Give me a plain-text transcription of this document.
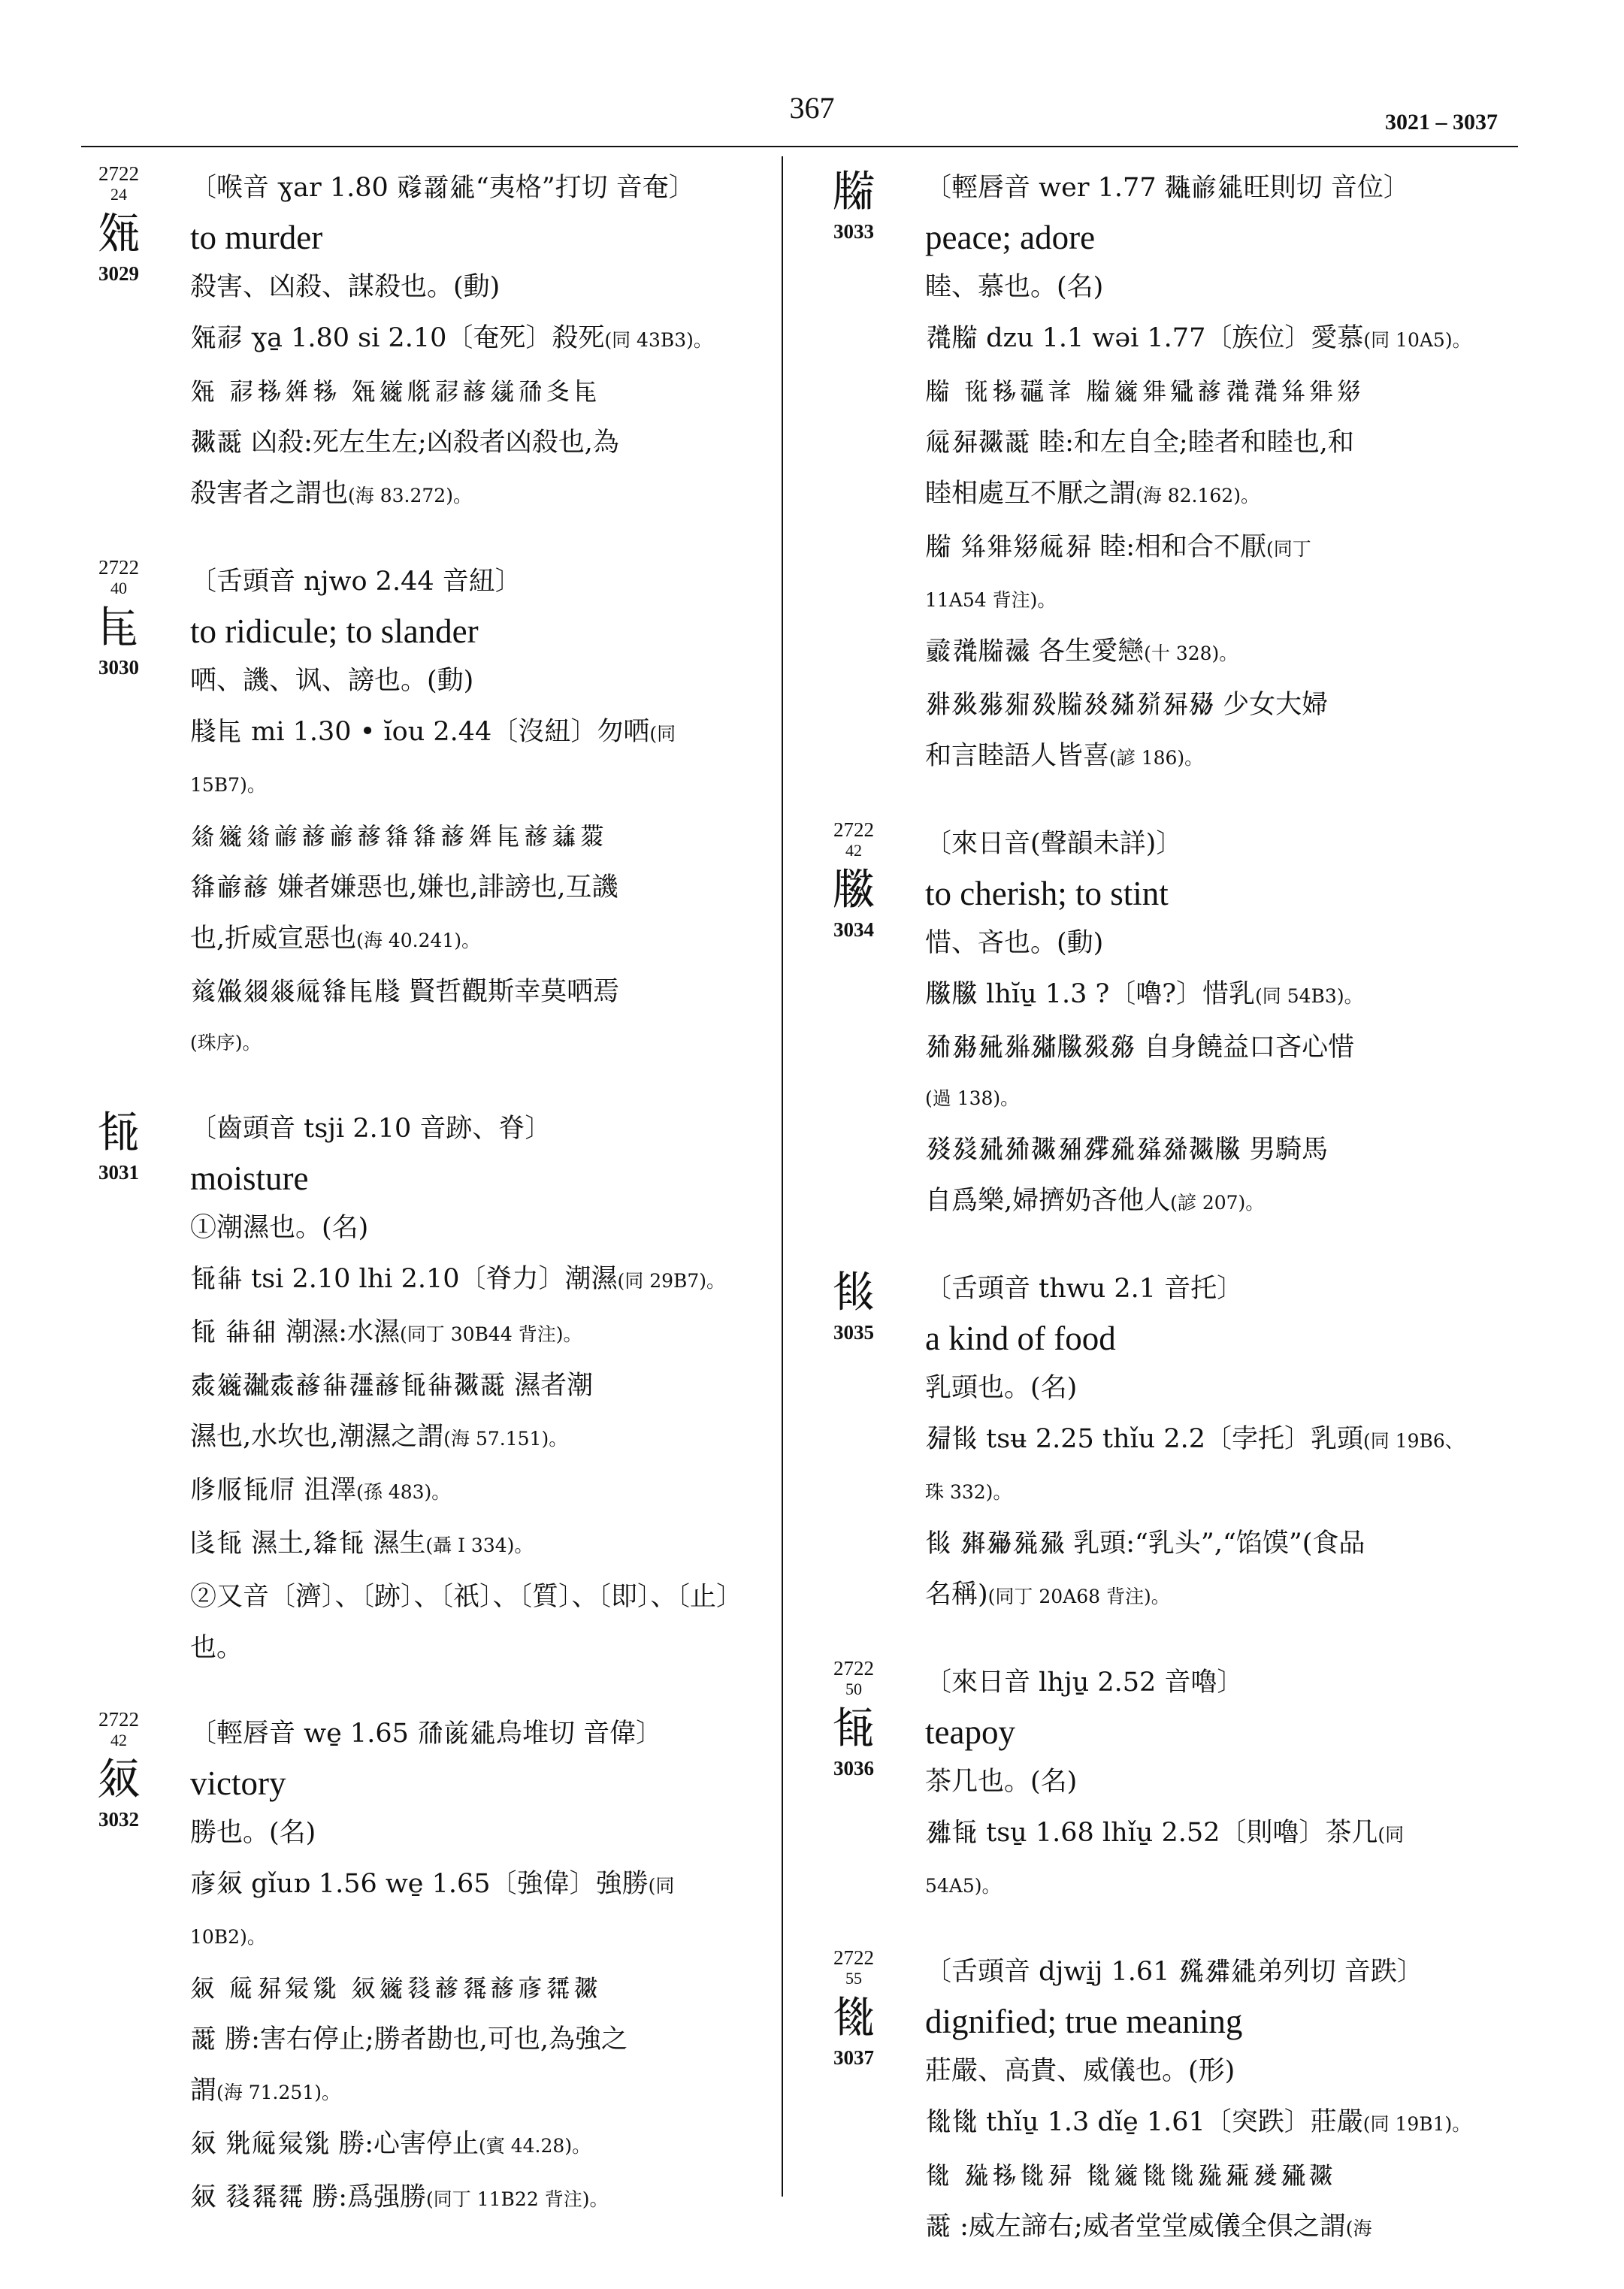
367	3021 – 3037
2722
24
𗼷
3029
〔喉音 ɣar 1.80 𗠠𗵆𗧓“夷格”打切 音奄〕
to murder
殺害、凶殺、謀殺也。(動)
𗼷𗹍 ɣa̱ 1.80 si 2.10〔奄死〕殺死(同 43B3)。
𗼷 𗹍𗈪𗤶𗈪 𗼷𗫂𗅋𗹍𗒘𗦾𗗙𗾆𗹭
𗗂𗵘 凶殺:死左生左;凶殺者凶殺也,為
殺害者之謂也(海 83.272)。
2722
40
𗹭
3030
〔舌頭音 njwo 2.44 音紐〕
to ridicule; to slander
哂、譏、讽、謗也。(動)
𗹦𗹭 mi 1.30 • ĭou 2.44〔沒紐〕勿哂(同
15B7)。
𗦳𗫂𗦳𗑗𗒘𗑗𗒘𗌭𗌭𗒘𗤶𗹭𗒘𗓊𗷅
𗌭𗑗𗒘 嫌者嫌惡也,嫌也,誹謗也,互譏
也,折威宣惡也(海 40.241)。
𗒛𗏹𗤓𗥏𗏁𗌭𗹭𗹦 賢哲觀斯幸莫哂焉
(珠序)。
𗺉
3031
〔齒頭音 tsji 2.10 音跡、脊〕
moisture
①潮濕也。(名)
𗺉𗺚 tsi 2.10 lhi 2.10〔脊力〕潮濕(同 29B7)。
𗺉 𗺚𗺛 潮濕:水濕(同丁 30B44 背注)。
𗗐𗫂𗖼𗗐𗒘𗺚𗖽𗒘𗺉𗺚𗗂𗵘 濕者潮
濕也,水坎也,潮濕之謂(海 57.151)。
𗄫𗄬𗺉𗄭 沮澤(孫 483)。
𗁅𗺉 濕土,𗌮𗺉 濕生(聶 I 334)。
②又音〔濟〕、〔跡〕、〔祇〕、〔質〕、〔即〕、〔止〕
也。
2722
42
𗢸
3032
〔輕唇音 we̱ 1.65 𗗙𗐯𗧓烏堆切 音偉〕
victory
勝也。(名)
𗇋𗢸 gǐuɒ 1.56 we̱ 1.65〔強偉〕強勝(同
10B2)。
𗢸 𗏁𗉘𗊵𗊳 𗢸𗫂𗉀𗒘𗉁𗒘𗇋𗉂𗗂
𗵘 勝:害右停止;勝者勘也,可也,為強之
謂(海 71.251)。
𗢸 𗊢𗏁𗊵𗊳 勝:心害停止(賓 44.28)。
𗢸 𗉀𗉁𗉂 勝:爲强勝(同丁 11B22 背注)。
𗹨
3033
〔輕唇音 wer 1.77 𗖵𗑗𗧓旺則切 音位〕
peace; adore
睦、慕也。(名)
𗗈𗹨 dzu 1.1 wəi 1.77〔族位〕愛慕(同 10A5)。
𗹨 𗍁𗈪𗗊𗐰 𗹨𗫂𗊉𗋐𗒘𗗈𗗈𗊊𗊉𗊋
𗏁𗉘𗗂𗵘 睦:和左自全;睦者和睦也,和
睦相處互不厭之謂(海 82.162)。
𗹨 𗊊𗊉𗊋𗏁𗉘 睦:相和合不厭(同丁
11A54 背注)。
𗈦𗗈𗹨𗗉 各生愛戀(十 328)。
𗉐𗉑𗉒𗉓𗉔𗹨𗉕𗉖𗉗𗉘𗉙 少女大婦
和言睦語人皆喜(諺 186)。
2722
42
𗹩
3034
〔來日音(聲韻未詳)〕
to cherish; to stint
惜、吝也。(動)
𗹩𗹩 lhĭu̱ 1.3 ?〔嚕?〕惜乳(同 54B3)。
𗉚𗉛𗉜𗉝𗉞𗹩𗉟𗉠 自身饒益口吝心惜
(過 138)。
𗉡𗉢𗉣𗉚𗗂𗉤𗉥𗉦𗉧𗉨𗗂𗹩 男騎馬
自爲樂,婦擠奶吝他人(諺 207)。
𗺊
3035
〔舌頭音 thwu 2.1 音托〕
a kind of food
乳頭也。(名)
𗉩𗺊 tsʉ 2.25 thǐu 2.2〔孛托〕乳頭(同 19B6、
珠 332)。
𗺊 𗉪𗉫𗉬𗉭 乳頭:“乳头”,“馅馍”(食品
名稱)(同丁 20A68 背注)。
2722
50
𗺋
3036
〔來日音 lhju̱ 2.52 音嚕〕
teapoy
茶几也。(名)
𗉮𗺋 tsu̱ 1.68 lhǐu̱ 2.52〔則嚕〕茶几(同
54A5)。
2722
55
𗺌
3037
〔舌頭音 djwi̱j 1.61 𗉯𗉰𗧓弟列切 音跌〕
dignified; true meaning
莊嚴、高貴、威儀也。(形)
𗺌𗺌 thǐu̱ 1.3 dǐe̱ 1.61〔突跌〕莊嚴(同 19B1)。
𗺌 𗉱𗈪𗺌𗉘 𗺌𗫂𗺌𗺌𗉱𗉲𗉳𗉴𗗂
𗵘 :威左諦右;威者堂堂威儀全俱之謂(海
